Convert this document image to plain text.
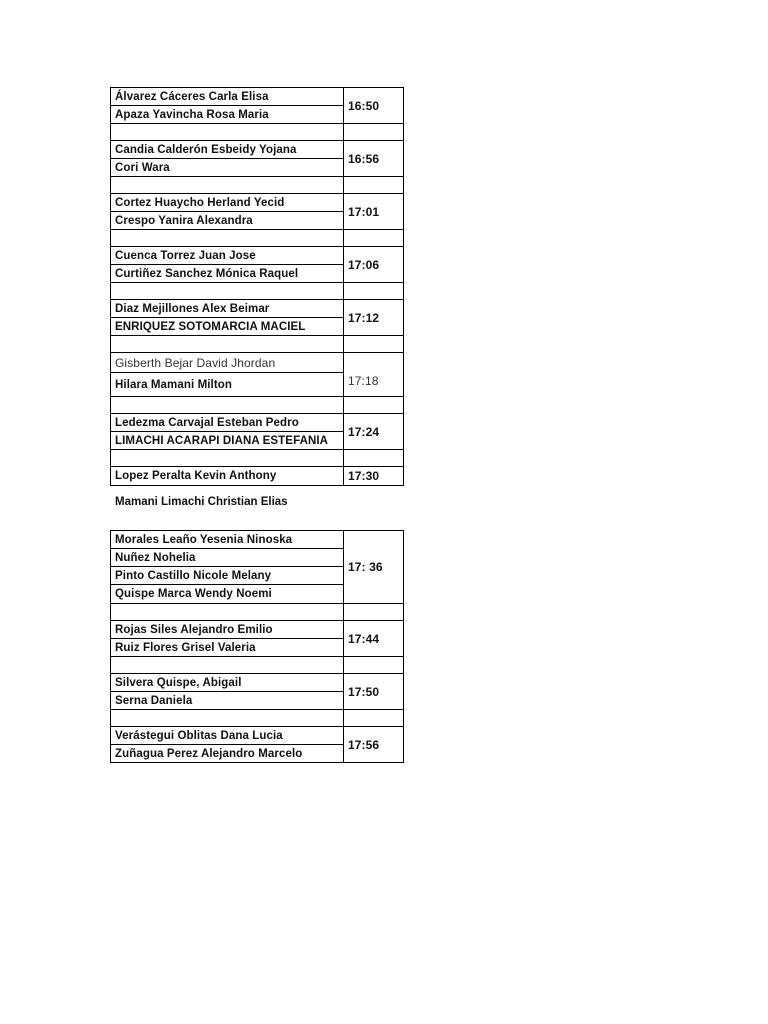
Álvarez Cáceres Carla Elisa	16:50
Apaza Yavincha Rosa Maria	

Candia Calderón Esbeidy Yojana	16:56
Cori Wara	

Cortez Huaycho Herland Yecid	17:01
Crespo Yanira Alexandra	

Cuenca Torrez Juan Jose	17:06
Curtiñez Sanchez Mónica Raquel	

Diaz Mejillones Alex Beimar	17:12
ENRIQUEZ SOTOMARCIA MACIEL	

Gisberth Bejar David Jhordan	17:18
Hilara Mamani Milton	

Ledezma Carvajal Esteban Pedro	17:24
LIMACHI ACARAPI DIANA ESTEFANIA	

Lopez Peralta Kevin Anthony	17:30
Mamani Limachi Christian Elias
Morales Leaño Yesenia Ninoska	17: 36
Nuñez Nohelia	
Pinto Castillo Nicole Melany	
Quispe Marca Wendy Noemi	

Rojas Siles Alejandro Emilio	17:44
Ruiz Flores Grisel Valeria	

Silvera Quispe, Abigail	17:50
Serna Daniela	

Verástegui Oblitas Dana Lucia	17:56
Zuñagua Perez Alejandro Marcelo	
